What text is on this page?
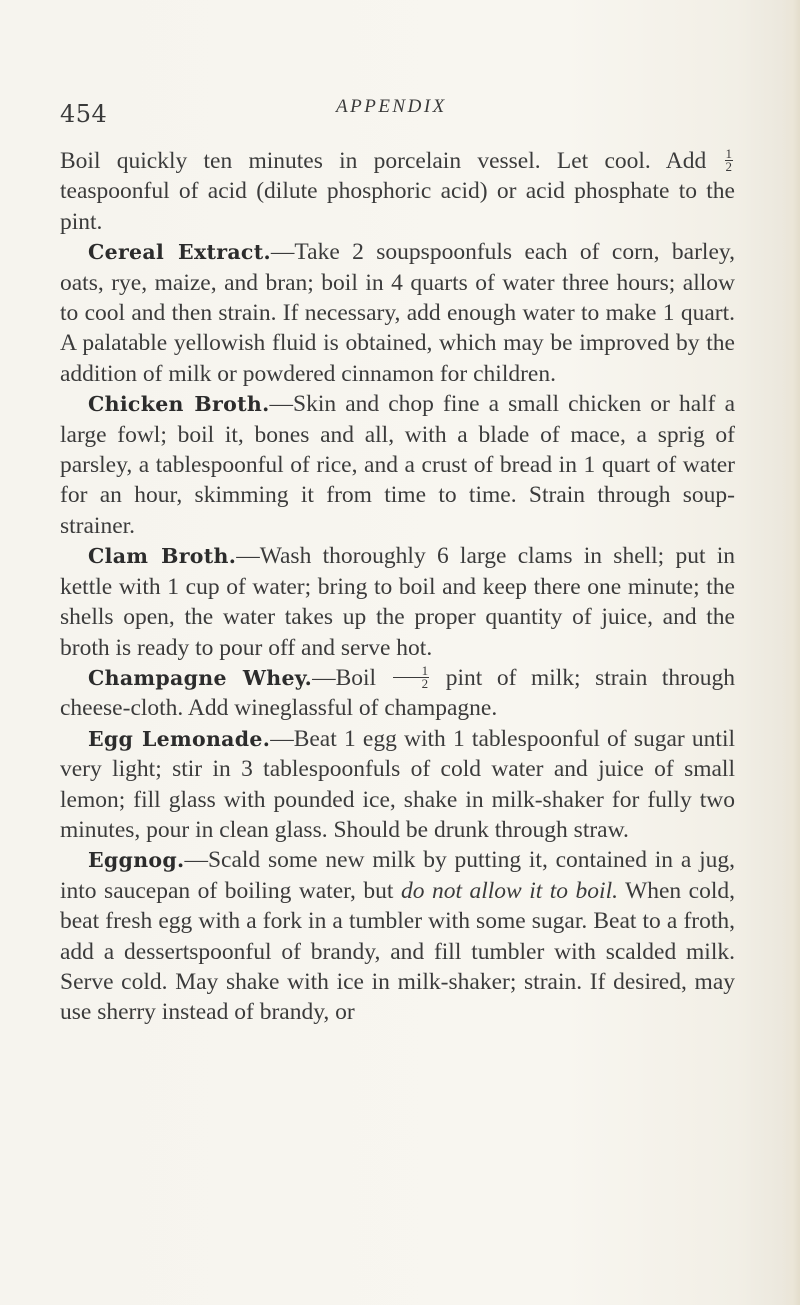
454	APPENDIX

Boil quickly ten minutes in porcelain vessel. Let cool. Add $\frac{1}{2}$
teaspoonful of acid (dilute phosphoric acid) or acid phosphate to the pint.

Cereal Extract.—Take 2 soupspoonfuls each of corn, barley, oats, rye, maize, and bran; boil in 4 quarts of water three hours; allow to cool and then strain. If necessary, add enough water to make 1 quart. A palatable yellowish fluid is obtained, which may be improved by the addition of milk or powdered cinnamon for children.

Chicken Broth.—Skin and chop fine a small chicken or half a large fowl; boil it, bones and all, with a blade of mace, a sprig of parsley, a tablespoonful of rice, and a crust of bread in 1 quart of water for an hour, skimming it from time to time. Strain through soup-strainer.

Clam Broth.—Wash thoroughly 6 large clams in shell; put in kettle with 1 cup of water; bring to boil and keep there one minute; the shells open, the water takes up the proper quantity of juice, and the broth is ready to pour off and serve hot.

Champagne Whey.—Boil $\frac{1}{2}$ pint of milk; strain through cheese-cloth. Add wineglassful of champagne.

Egg Lemonade.—Beat 1 egg with 1 tablespoonful of sugar until very light; stir in 3 tablespoonfuls of cold water and juice of small lemon; fill glass with pounded ice, shake in milk-shaker for fully two minutes, pour in clean glass. Should be drunk through straw.

Eggnog.—Scald some new milk by putting it, contained in a jug, into saucepan of boiling water, but do not allow it to boil. When cold, beat fresh egg with a fork in a tumbler with some sugar. Beat to a froth, add a dessertspoonful of brandy, and fill tumbler with scalded milk. Serve cold. May shake with ice in milk-shaker; strain. If desired, may use sherry instead of brandy, or
